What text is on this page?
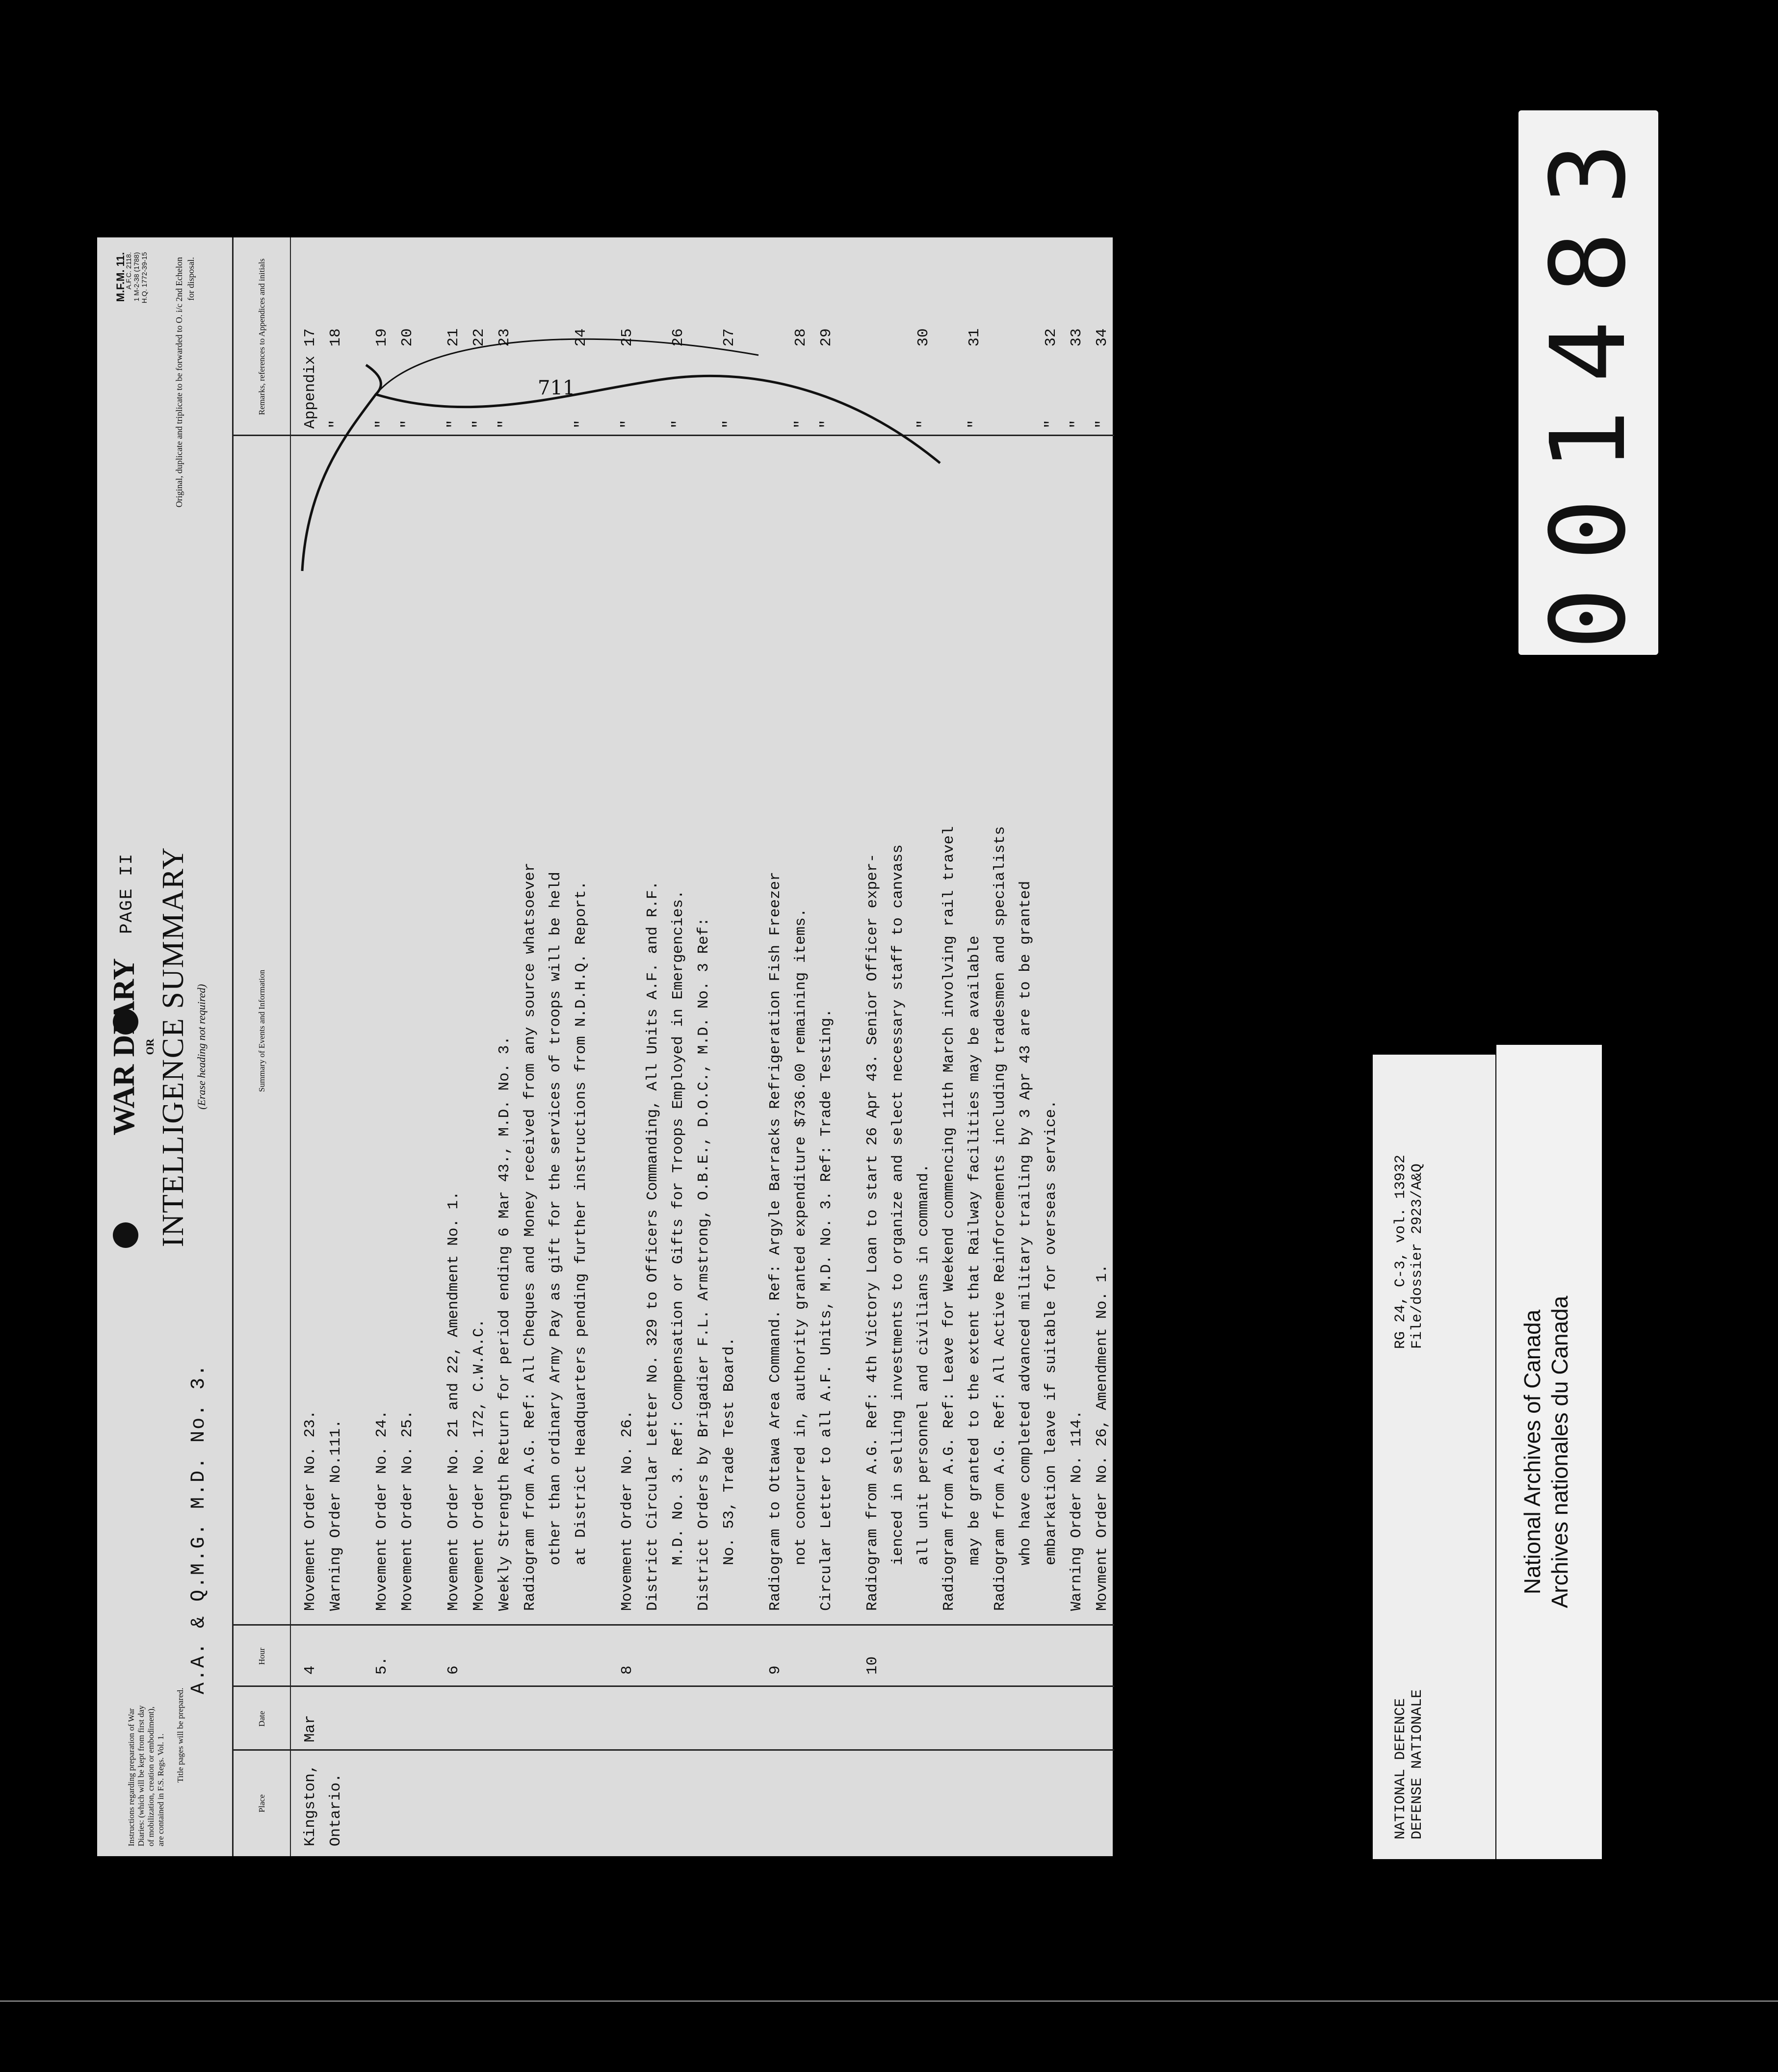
Instructions regarding preparation of War Diaries: (which will be kept from first day of mobilization, creation or embodiment), are contained in F.S. Regs. Vol. 1. Title pages will be prepared.
A.A. & Q.M.G. M.D. No. 3.
WAR DIARY OR INTELLIGENCE SUMMARY (Erase heading not required)
PAGE II
M.F.M. 11.
A.F.C. 2118. 1 M-2-38 (1788) H.Q. 1772-39-15	Original, duplicate and triplicate to be forwarded to O. i/c 2nd Echelon for disposal.
Place
Date
Hour
Summary of Events and Information
Remarks, references to Appendices and initials	711
Kingston,
Mar
4
Movement Order No. 23.
Appendix 17
Ontario.
Warning Order No.111.
"        18
5.
Movement Order No. 24.
"        19
Movement Order No. 25.
"        20
6
Movement Order No. 21 and 22, Amendment No. 1.
"        21
Movement Order No. 172, C.W.A.C.
"        22
Weekly Strength Return for period ending 6 Mar 43., M.D. No. 3.
"        23
Radiogram from A.G. Ref: All Cheques and Money received from any source whatsoever other than ordinary Army Pay as gift for the services of troops will be held at District Headquarters pending further instructions from N.D.H.Q. Report.
"        24
8
Movement Order No. 26.
"        25
District Circular Letter No. 329 to Officers Commanding, All Units A.F. and R.F. M.D. No. 3. Ref: Compensation or Gifts for Troops Employed in Emergencies.
"        26
District Orders by Brigadier F.L. Armstrong, O.B.E., D.O.C., M.D. No. 3 Ref: No. 53, Trade Test Board.
"        27
9
Radiogram to Ottawa Area Command. Ref: Argyle Barracks Refrigeration Fish Freezer not concurred in, authority granted expenditure $736.00 remaining items.
"        28
Circular Letter to all A.F. Units, M.D. No. 3. Ref: Trade Testing.
"        29
10
Radiogram from A.G. Ref: 4th Victory Loan to start 26 Apr 43. Senior Officer exper- ienced in selling investments to organize and select necessary staff to canvass all unit personnel and civilians in command.
"        30
Radiogram from A.G. Ref: Leave for Weekend commencing 11th March involving rail travel may be granted to the extent that Railway facilities may be available
"        31
Radiogram from A.G. Ref: All Active Reinforcements including tradesmen and specialists who have completed advanced military trailing by 3 Apr 43 are to be granted embarkation leave if suitable for overseas service.
"        32
Warning Order No. 114.
"        33
Movment Order No. 26, Amendment No. 1.
"        34
NATIONAL DEFENCE DEFENSE NATIONALE
RG 24, C-3, vol. 13932 File/dossier 2923/A&Q
National Archives of Canada Archives nationales du Canada
001483
